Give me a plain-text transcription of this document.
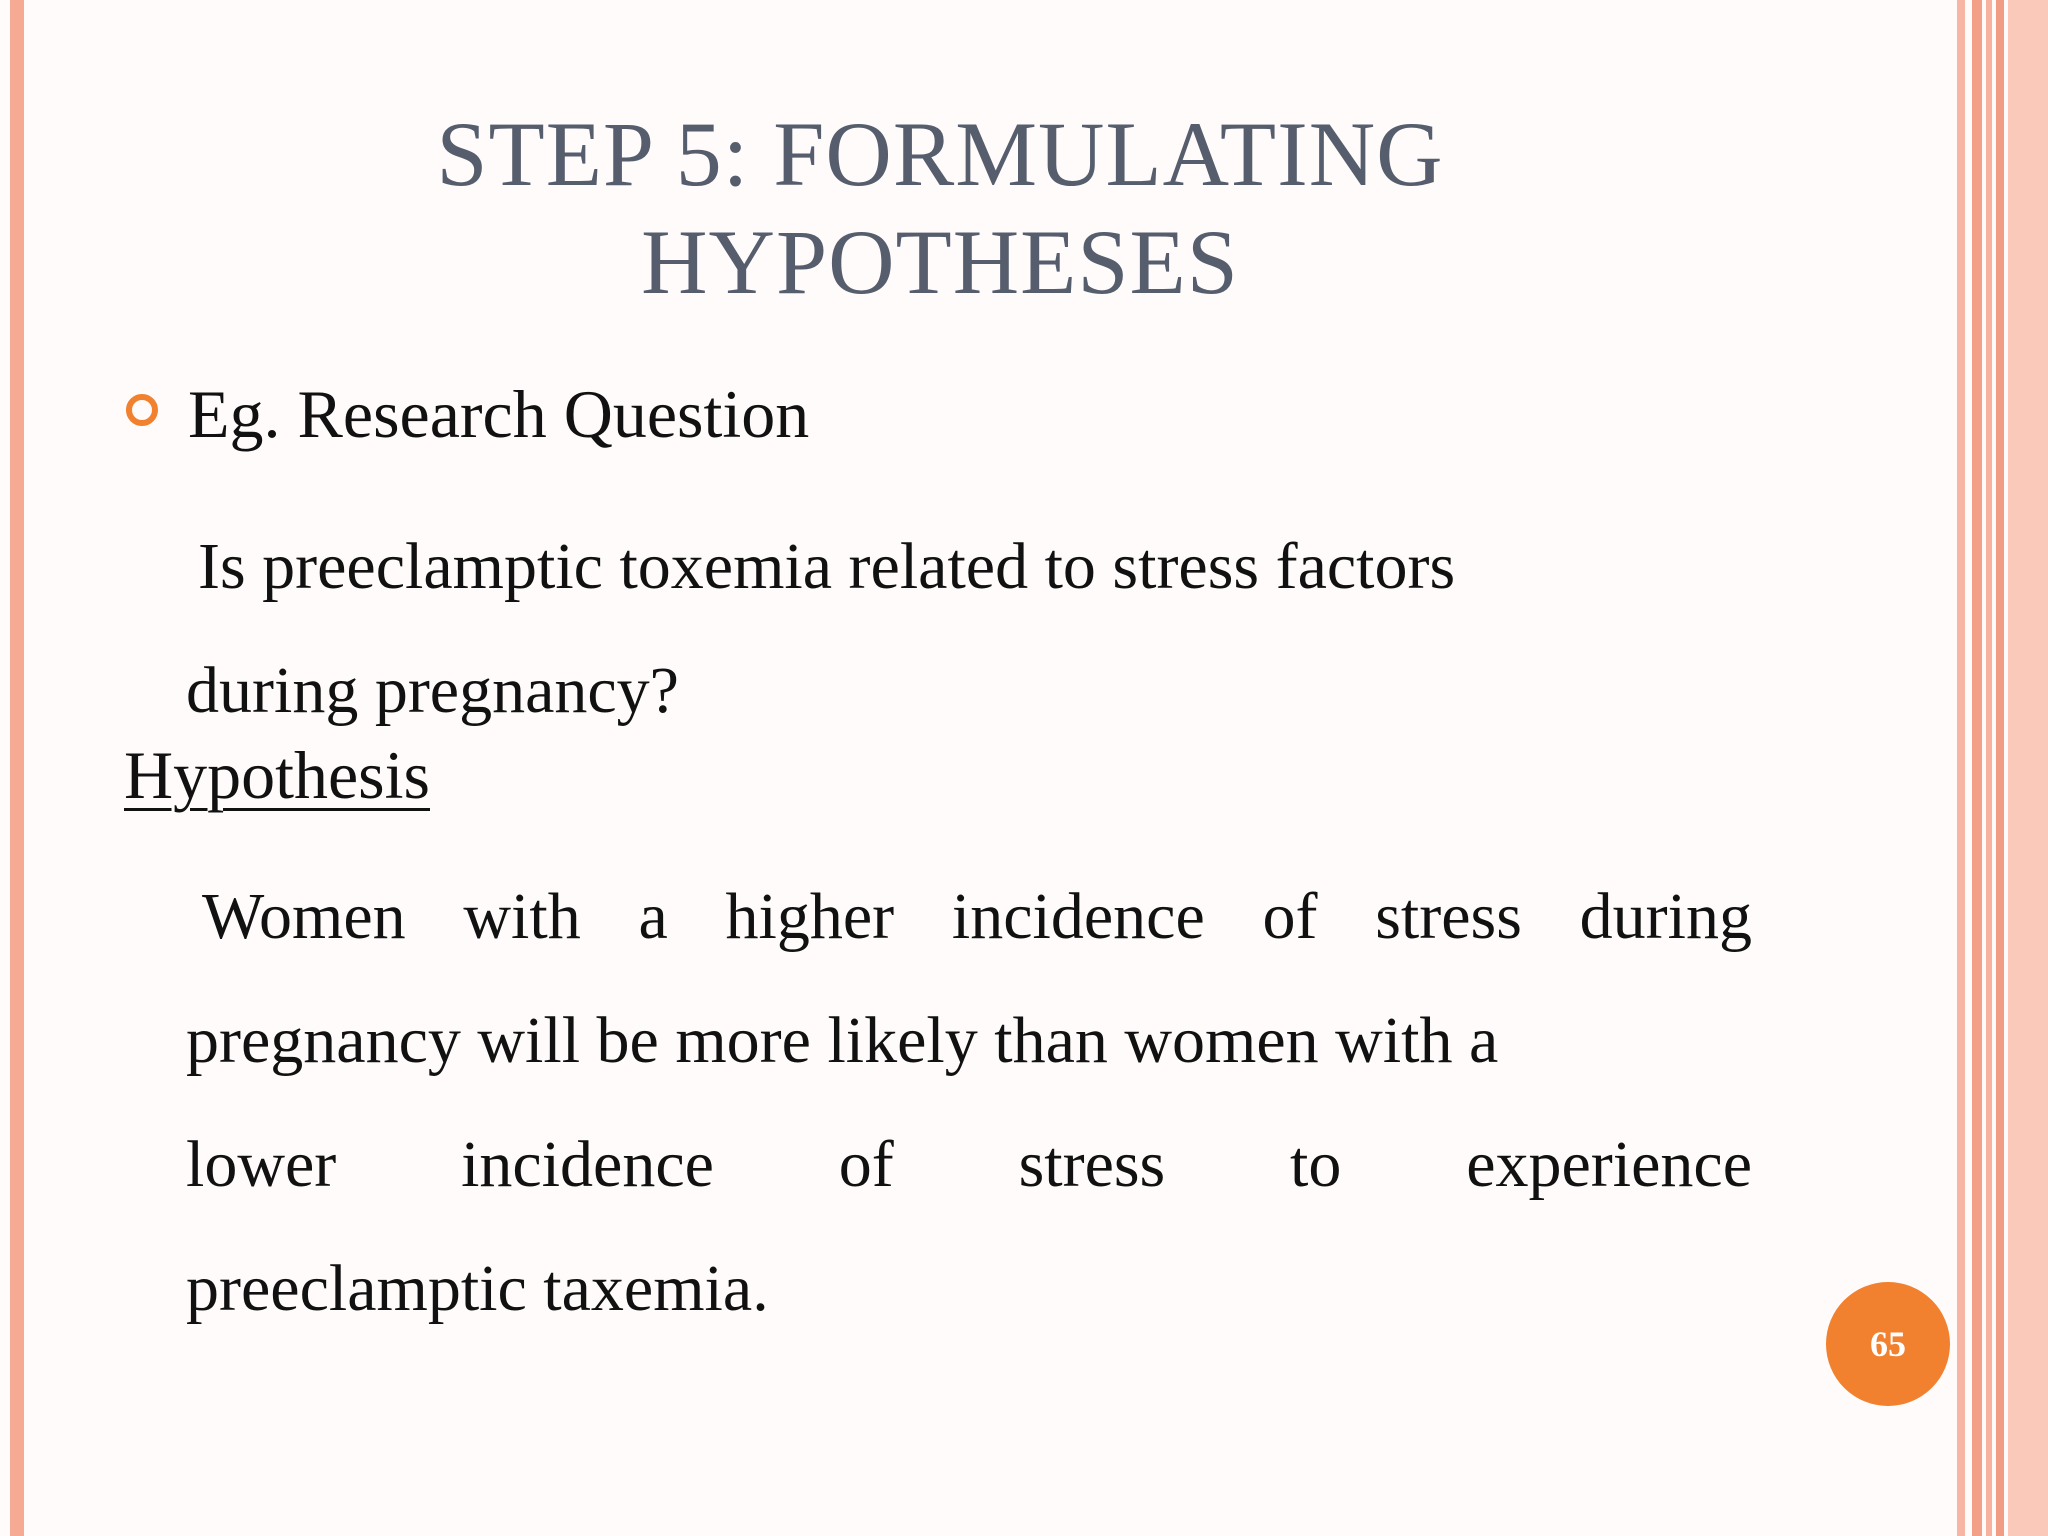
STEP 5: FORMULATING
HYPOTHESES
Eg. Research Question
Is preeclamptic toxemia related to stress factors
during pregnancy?
Hypothesis
Women with a higher incidence of stress during
pregnancy will be more likely than women with a
lower incidence of stress to experience
preeclamptic taxemia.
65
